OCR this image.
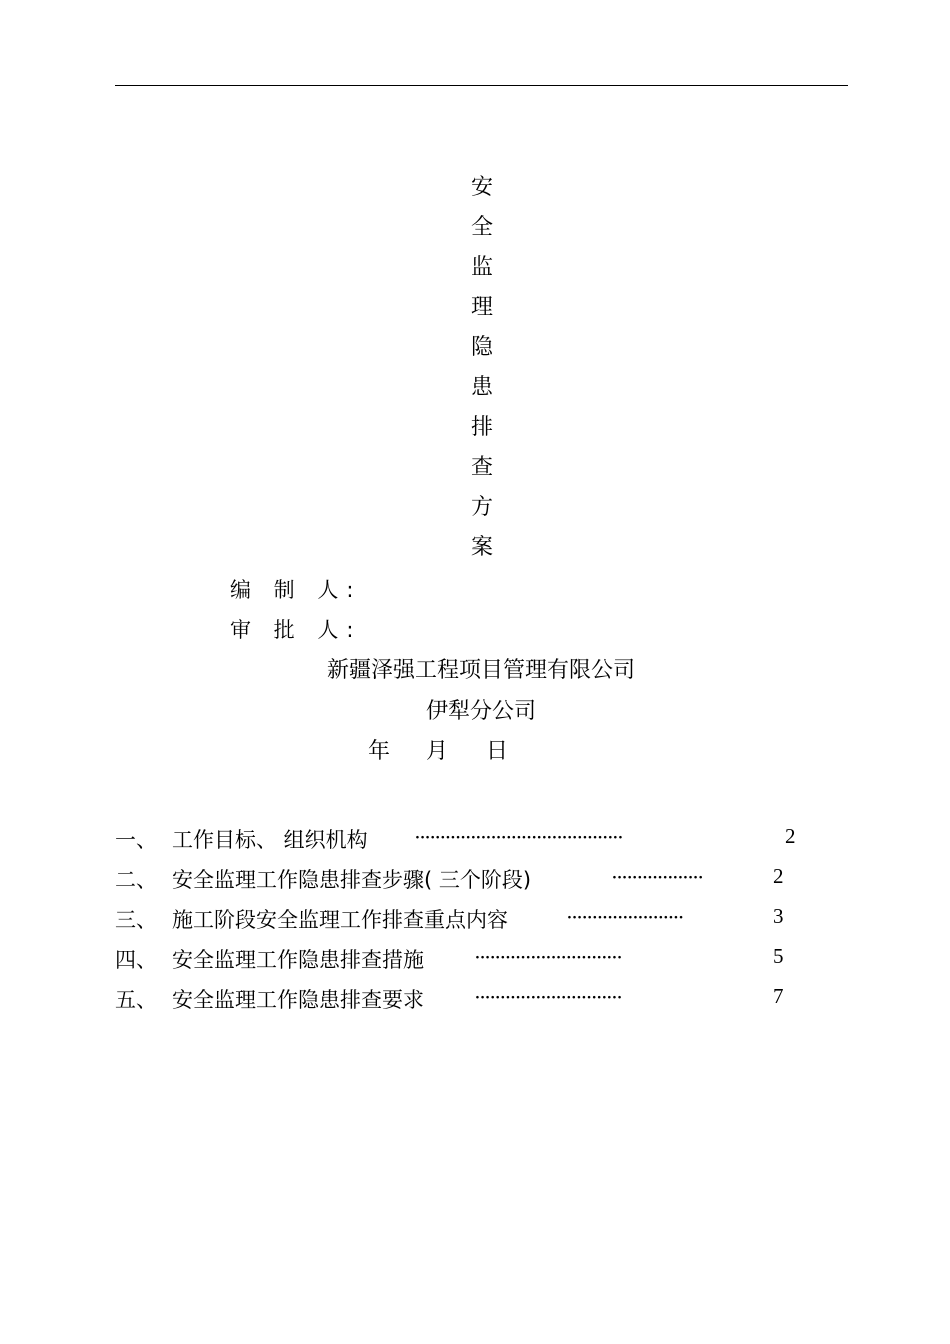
安
全
监
理
隐
患
排
查
方
案
编 制 人:
审 批 人:
新疆泽强工程项目管理有限公司
伊犁分公司
年	月	日
一、 工作目标、 组织机构	·········································	2
二、 安全监理工作隐患排查步骤( 三个阶段)	··················	2
三、 施工阶段安全监理工作排查重点内容	·······················	3
四、 安全监理工作隐患排查措施	·····························	5
五、 安全监理工作隐患排查要求	·····························	7
